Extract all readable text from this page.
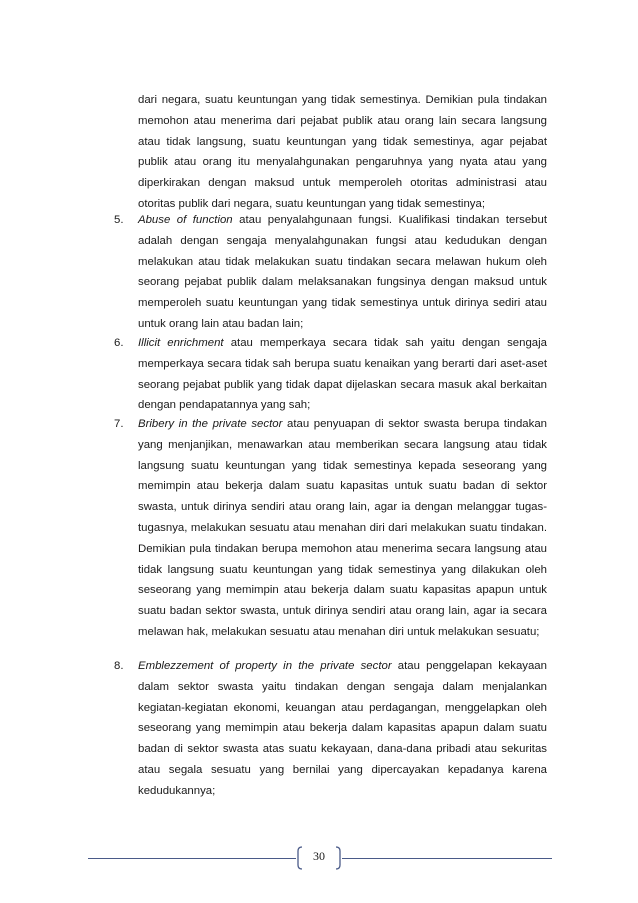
dari negara, suatu keuntungan yang tidak semestinya. Demikian pula tindakan memohon atau menerima dari pejabat publik atau orang lain secara langsung atau tidak langsung, suatu keuntungan yang tidak semestinya, agar pejabat publik atau orang itu menyalahgunakan pengaruhnya yang nyata atau yang diperkirakan dengan maksud untuk memperoleh otoritas administrasi atau otoritas publik dari negara, suatu keuntungan yang tidak semestinya;

5.	Abuse of function atau penyalahgunaan fungsi. Kualifikasi tindakan tersebut adalah dengan sengaja menyalahgunakan fungsi atau kedudukan dengan melakukan atau tidak melakukan suatu tindakan secara melawan hukum oleh seorang pejabat publik dalam melaksanakan fungsinya dengan maksud untuk memperoleh suatu keuntungan yang tidak semestinya untuk dirinya sediri atau untuk orang lain atau badan lain;
6.	Illicit enrichment atau memperkaya secara tidak sah yaitu dengan sengaja memperkaya secara tidak sah berupa suatu kenaikan yang berarti dari aset-aset seorang pejabat publik yang tidak dapat dijelaskan secara masuk akal berkaitan dengan pendapatannya yang sah;
7.	Bribery in the private sector atau penyuapan di sektor swasta berupa tindakan yang menjanjikan, menawarkan atau memberikan secara langsung atau tidak langsung suatu keuntungan yang tidak semestinya kepada seseorang yang memimpin atau bekerja dalam suatu kapasitas untuk suatu badan di sektor swasta, untuk dirinya sendiri atau orang lain, agar ia dengan melanggar tugas-tugasnya, melakukan sesuatu atau menahan diri dari melakukan suatu tindakan. Demikian pula tindakan berupa memohon atau menerima secara langsung atau tidak langsung suatu keuntungan yang tidak semestinya yang dilakukan oleh seseorang yang memimpin atau bekerja dalam suatu kapasitas apapun untuk suatu badan sektor swasta, untuk dirinya sendiri atau orang lain, agar ia secara melawan hak, melakukan sesuatu atau menahan diri untuk melakukan sesuatu;
8.	Emblezzement of property in the private sector atau penggelapan kekayaan dalam sektor swasta yaitu tindakan dengan sengaja dalam menjalankan kegiatan-kegiatan ekonomi, keuangan atau perdagangan, menggelapkan oleh seseorang yang memimpin atau bekerja dalam kapasitas apapun dalam suatu badan di sektor swasta atas suatu kekayaan, dana-dana pribadi atau sekuritas atau segala sesuatu yang bernilai yang dipercayakan kepadanya karena kedudukannya;
30
